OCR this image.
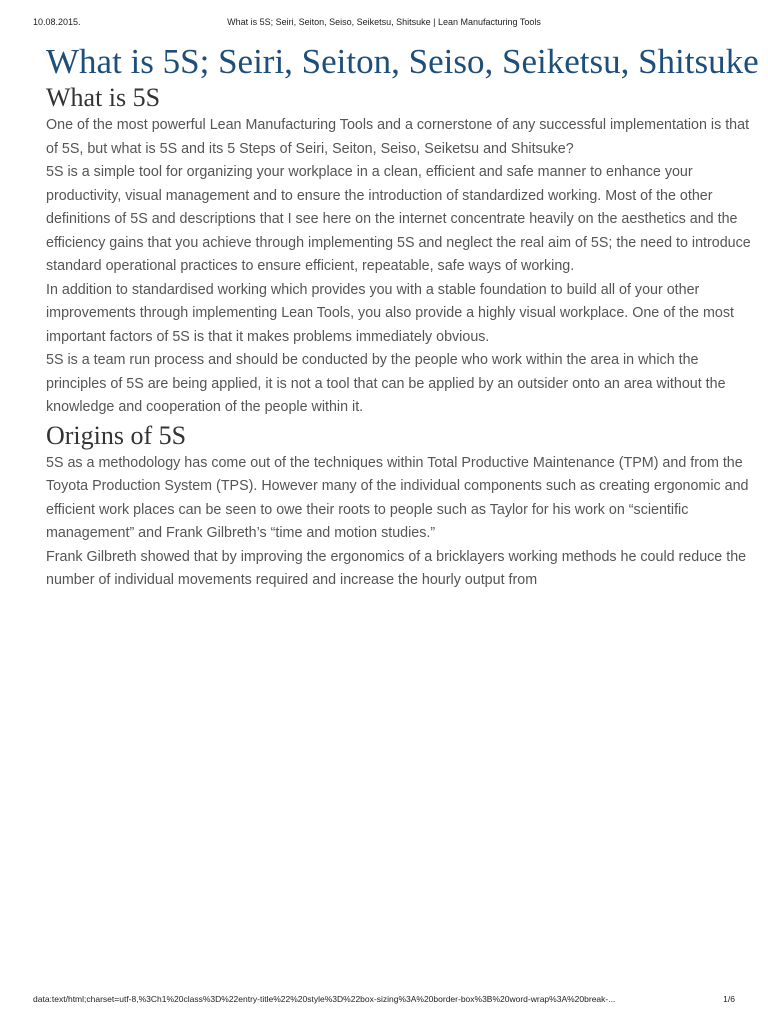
10.08.2015.	What is 5S; Seiri, Seiton, Seiso, Seiketsu, Shitsuke | Lean Manufacturing Tools
What is 5S; Seiri, Seiton, Seiso, Seiketsu, Shitsuke
What is 5S

One of the most powerful Lean Manufacturing Tools and a cornerstone of any successful implementation is that of 5S, but what is 5S and its 5 Steps of Seiri, Seiton, Seiso, Seiketsu and Shitsuke?

5S is a simple tool for organizing your workplace in a clean, efficient and safe manner to enhance your productivity, visual management and to ensure the introduction of standardized working. Most of the other definitions of 5S and descriptions that I see here on the internet concentrate heavily on the aesthetics and the efficiency gains that you achieve through implementing 5S and neglect the real aim of 5S; the need to introduce standard operational practices to ensure efficient, repeatable, safe ways of working.

In addition to standardised working which provides you with a stable foundation to build all of your other improvements through implementing Lean Tools, you also provide a highly visual workplace. One of the most important factors of 5S is that it makes problems immediately obvious.

5S is a team run process and should be conducted by the people who work within the area in which the principles of 5S are being applied, it is not a tool that can be applied by an outsider onto an area without the knowledge and cooperation of the people within it.

Origins of 5S

5S as a methodology has come out of the techniques within Total Productive Maintenance (TPM) and from the Toyota Production System (TPS). However many of the individual components such as creating ergonomic and efficient work places can be seen to owe their roots to people such as Taylor for his work on “scientific management” and Frank Gilbreth’s “time and motion studies.”

Frank Gilbreth showed that by improving the ergonomics of a bricklayers working methods he could reduce the number of individual movements required and increase the hourly output from

data:text/html;charset=utf-8,%3Ch1%20class%3D%22entry-title%22%20style%3D%22box-sizing%3A%20border-box%3B%20word-wrap%3A%20break-...	1/6
